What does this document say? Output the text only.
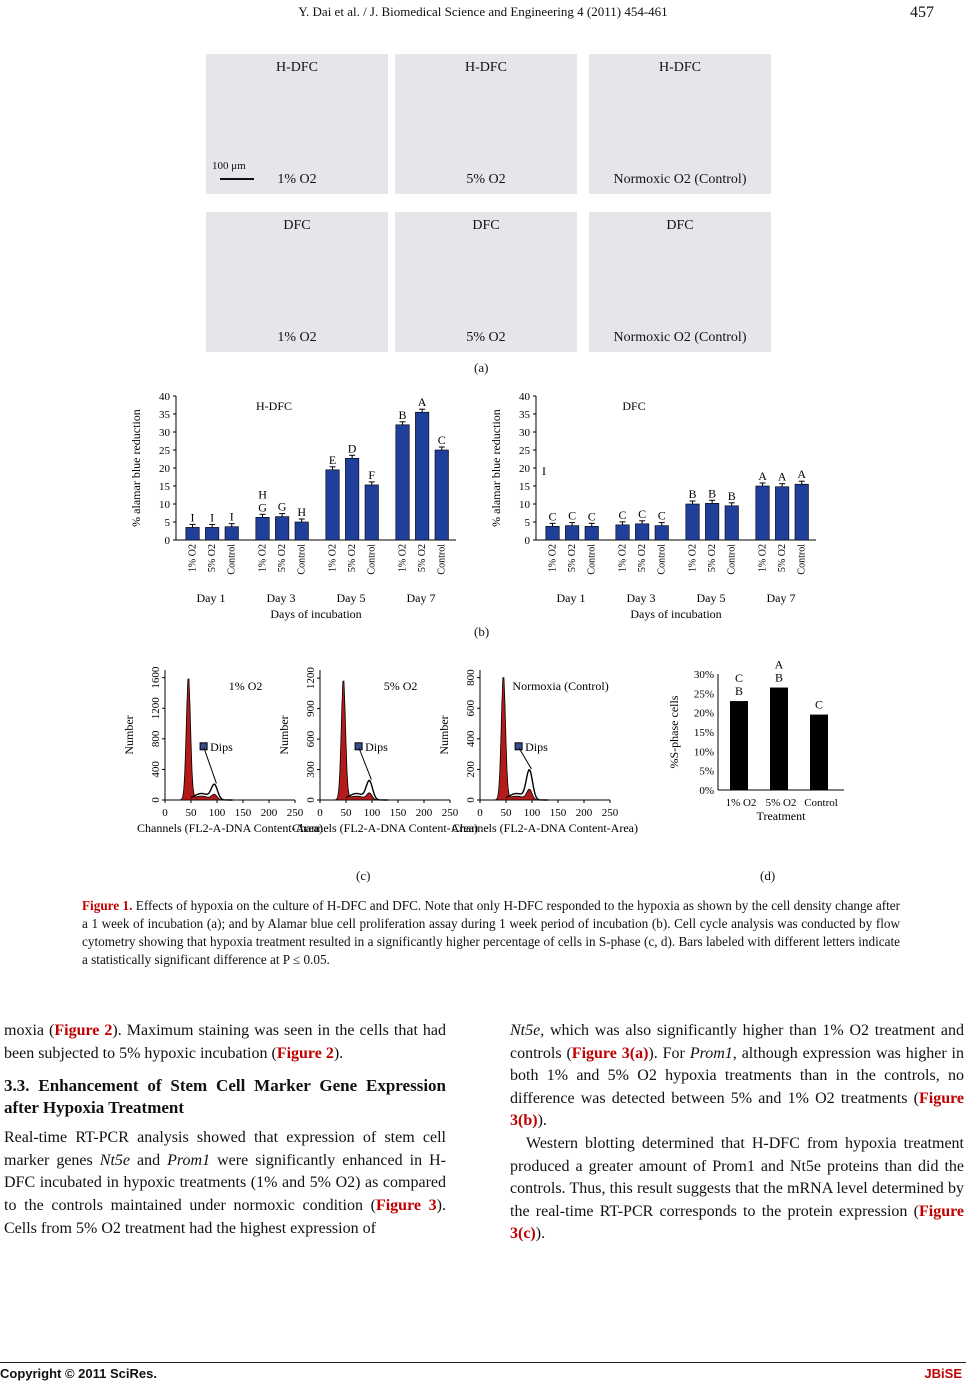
Y. Dai et al. / J. Biomedical Science and Engineering 4 (2011) 454-461	457
H-DFC
100 μm
1% O2
H-DFC
5% O2
H-DFC
Normoxic O2 (Control)
DFC
1% O2
DFC
5% O2
DFC
Normoxic O2 (Control)
(a)
0
5
10
15
20
25
30
35
40
% alamar blue reduction
H-DFC
I
1% O2
I
5% O2
I
Control
Day 1
H
G
1% O2
G
5% O2
H
Control
Day 3
E
1% O2
D
5% O2
F
Control
Day 5
B
1% O2
A
5% O2
C
Control
Day 7
Days of incubation
0
5
10
15
20
25
30
35
40
% alamar blue reduction
DFC
C
1% O2
C
5% O2
C
Control
Day 1
C
1% O2
C
5% O2
C
Control
Day 3
B
1% O2
B
5% O2
B
Control
Day 5
A
1% O2
A
5% O2
A
Control
Day 7
Days of incubation
I
0
400
800
1200
1600
0 50 100 150 200 250
1% O2
Dips
Number
Channels (FL2-A-DNA Content-Area)
0
300
600
900
1200
0 50 100 150 200 250
5% O2
Dips
Number
Channels (FL2-A-DNA Content-Area)
0
200
400
600
800
0 50 100 150 200 250
Normoxia (Control)
Dips
Number
Channels (FL2-A-DNA Content-Area)
0%
5%
10%
15%
20%
25%
30%
%S-phase cells
C
B
1% O2
A
B
5% O2
C
Control
Treatment
(b)
(c)	(d)
Figure 1. Effects of hypoxia on the culture of H-DFC and DFC. Note that only H-DFC responded to the hypoxia as shown by the cell density change after a 1 week of incubation (a); and by Alamar blue cell proliferation assay during 1 week period of incubation (b). Cell cycle analysis was conducted by flow cytometry showing that hypoxia treatment resulted in a significantly higher percentage of cells in S-phase (c, d). Bars labeled with different letters indicate a statistically significant difference at P ≤ 0.05.

moxia (Figure 2). Maximum staining was seen in the cells that had been subjected to 5% hypoxic incubation (Figure 2).

3.3. Enhancement of Stem Cell Marker Gene Expression after Hypoxia Treatment

Real-time RT-PCR analysis showed that expression of stem cell marker genes Nt5e and Prom1 were significantly enhanced in H-DFC incubated in hypoxic treatments (1% and 5% O2) as compared to the controls maintained under normoxic condition (Figure 3). Cells from 5% O2 treatment had the highest expression of

Nt5e, which was also significantly higher than 1% O2 treatment and controls (Figure 3(a)). For Prom1, although expression was higher in both 1% and 5% O2 hypoxia treatments than in the controls, no difference was detected between 5% and 1% O2 treatments (Figure 3(b)).

Western blotting determined that H-DFC from hypoxia treatment produced a greater amount of Prom1 and Nt5e proteins than did the controls. Thus, this result suggests that the mRNA level determined by the real-time RT-PCR corresponds to the protein expression (Figure 3(c)).

Copyright © 2011 SciRes.	JBiSE
